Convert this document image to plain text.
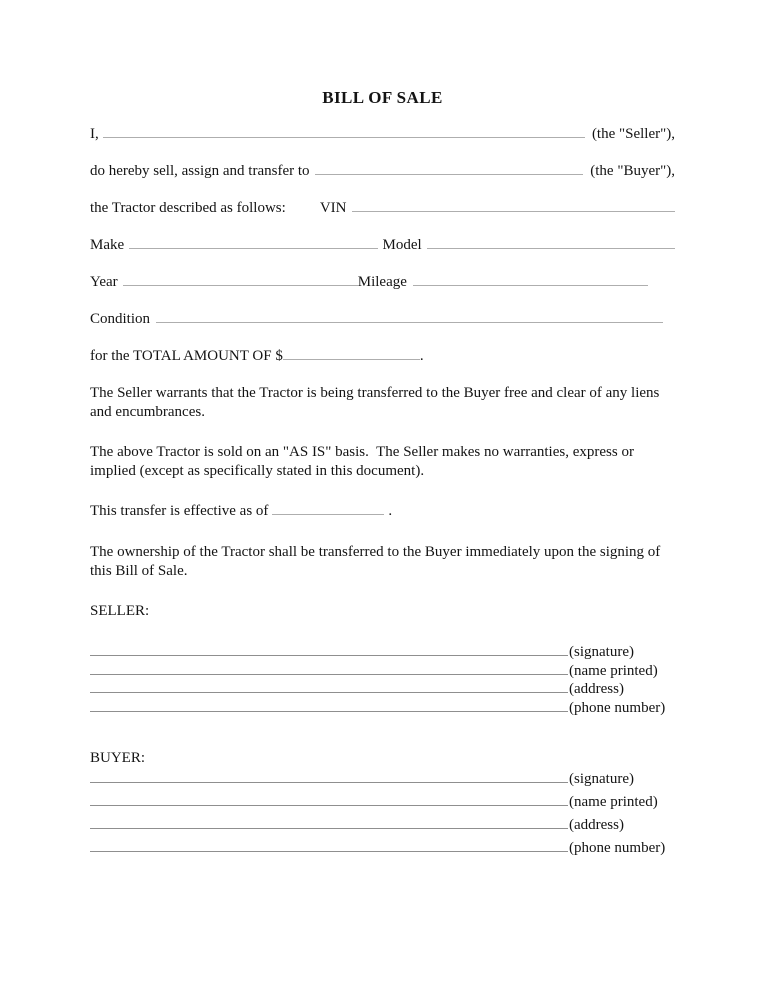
BILL OF SALE
I,	(the "Seller"),
do hereby sell, assign and transfer to	(the "Buyer"),
the Tractor described as follows: VIN
Make	Model
Year	Mileage
Condition
for the TOTAL AMOUNT OF $	.

The Seller warrants that the Tractor is being transferred to the Buyer free and clear of any liens and encumbrances.

The above Tractor is sold on an "AS IS" basis.  The Seller makes no warranties, express or implied (except as specifically stated in this document).

This transfer is effective as of	.

The ownership of the Tractor shall be transferred to the Buyer immediately upon the signing of this Bill of Sale.

SELLER:
(signature)
(name printed)
(address)
(phone number)
BUYER:
(signature)
(name printed)
(address)
(phone number)
